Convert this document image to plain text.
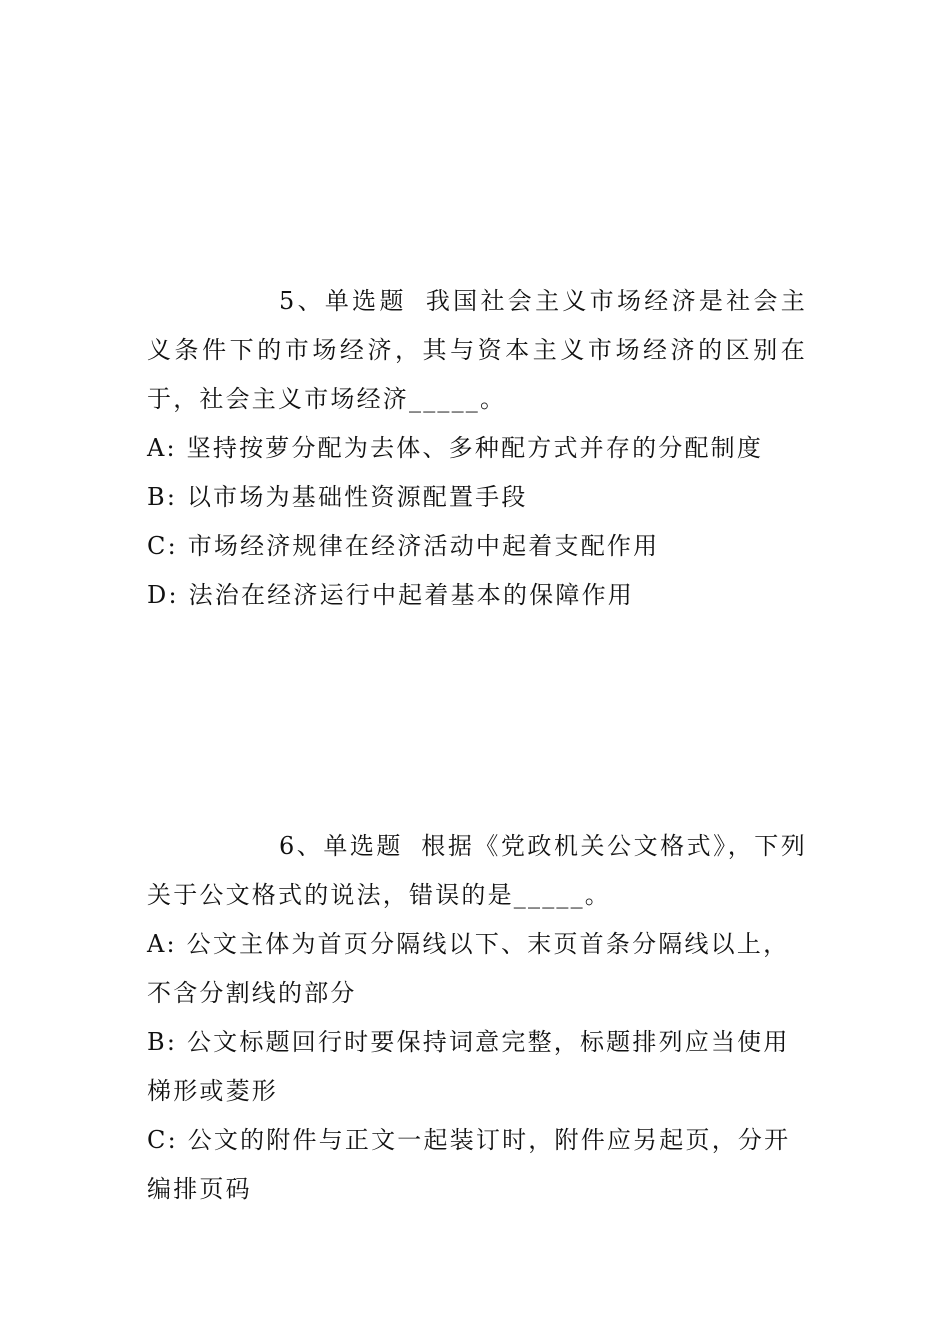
5、单选题 我国社会主义市场经济是社会主义条件下的市场经济，其与资本主义市场经济的区别在于，社会主义市场经济_____。

A: 坚持按萝分配为去体、多种配方式并存的分配制度

B: 以市场为基础性资源配置手段

C: 市场经济规律在经济活动中起着支配作用

D: 法治在经济运行中起着基本的保障作用

6、单选题 根据《党政机关公文格式》，下列关于公文格式的说法，错误的是_____。

A: 公文主体为首页分隔线以下、末页首条分隔线以上，不含分割线的部分

B: 公文标题回行时要保持词意完整，标题排列应当使用梯形或菱形

C: 公文的附件与正文一起装订时，附件应另起页，分开编排页码
